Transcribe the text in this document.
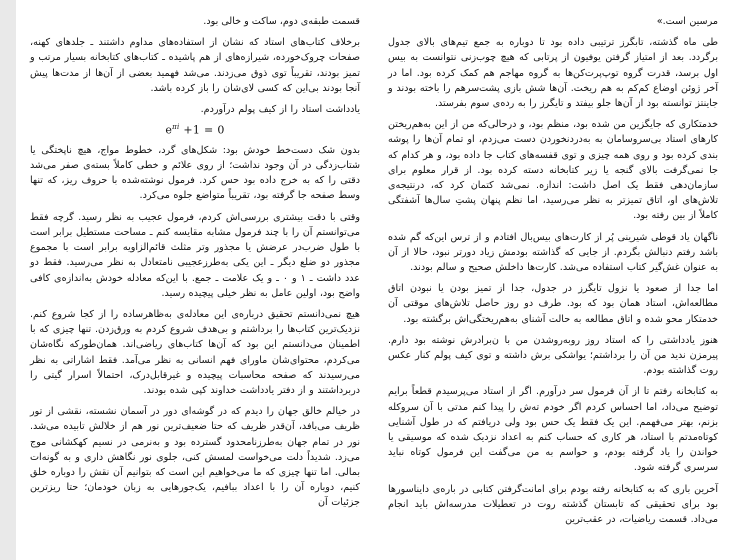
مرسین است.»

طی ماه گذشته، تابگرز ترتیبی داده بود تا دوباره به جمع تیم‌های بالای جدول برگردد. بعد از امتیاز گرفتن یوفیون از پرتابی که هیچ چوب‌زنی نتوانست به بیس اول برسد، قدرت گروه توپ‌پرت‌کن‌ها به گروه مهاجم هم کمک کرده بود. اما در آخر ژوئن اوضاع کم‌کم به هم ریخت. آن‌ها شش بازی پشت‌سرهم را باخته بودند و جاینتز توانسته بود از آن‌ها جلو بیفتد و تایگرز را به رده‌ی سوم بفرستد.

خدمتکاری که جایگزین من شده بود، منظم بود، و درحالی‌که من از این به‌هم‌ریختن کارهای استاد بی‌سروسامان به به‌دردنخوردن دست می‌زدم، او تمام آن‌ها را پوشه بندی کرده بود و روی همه چیزی و توی قفسه‌های کتاب جا داده بود، و هر کدام که جا نمی‌گرفت بالای گنجه یا زیر کتابخانه دسته کرده بود. از قرار معلوم برای سازمان‌دهی فقط یک اصل داشت: اندازه. نمی‌شد کتمان کرد که، درنتیجه‌ی تلاش‌های او، اتاق تمیزتر به نظر می‌رسید، اما نظم پنهان پشتِ سال‌ها آشفتگی کاملاً از بین رفته بود.

ناگهان یاد قوطی شیرینی پُر از کارت‌های بیس‌بال افتادم و از ترس این‌که گم شده باشد رفتم دنبالش بگردم. از جایی که گذاشته بودمش زیاد دورتر نبود، حالا از آن به عنوان غش‌گیر کتاب استفاده می‌شد. کارت‌ها داخلش صحیح و سالم بودند.

اما جدا از صعود یا نزول تایگرز در جدول، جدا از تمیز بودن یا نبودن اتاق مطالعه‌اش، استاد همان بود که بود. طرف دو روز حاصل تلاش‌های موقتی آن خدمتکار محو شده و اتاق مطالعه به حالت آشنای به‌هم‌ریختگی‌اش برگشته بود.

هنوز یادداشتی را که استاد روز روبه‌روشدن من با ن‌برادرش نوشته بود دارم. پیرمزن ندید من آن را برداشتم؛ یواشکی برش داشته و توی کیف پولم کنار عکس روت گذاشته بودم.

به کتابخانه رفتم تا از آن فرمول سر درآورم. اگر از استاد می‌پرسیدم قطعاً برایم توضیح می‌داد، اما احساس کردم اگر خودم ته‌ش را پیدا کنم مدتی با آن سروکله بزنم، بهتر می‌فهمم. این یک فقط یک حس بود ولی دریافتم که در طول آشنایی کوتاه‌مدتم با استاد، هر کاری که حساب کنم به اعداد نزدیک شده که موسیقی یا خواندن را یاد گرفته بودم، و حواسم به من می‌گفت این فرمول کوتاه نباید سرسری گرفته شود.

آخرین باری که به کتابخانه رفته بودم برای امانت‌گرفتن کتابی در باره‌ی دایناسورها بود برای تحقیقی که تابستان گذشته روت در تعطیلات مدرسه‌اش باید انجام می‌داد. قسمت ریاضیات، در عقب‌ترین

قسمت طبقه‌ی دوم، ساکت و خالی بود.

برخلاف کتاب‌های استاد که نشان از استفاده‌های مداوم داشتند ـ جلدهای کهنه، صفحات چروک‌خورده، شیرازه‌های از هم پاشیده ـ کتاب‌های کتابخانه بسیار مرتب و تمیز بودند، تقریباً توی ذوق می‌زدند. می‌شد فهمید بعضی از آن‌ها از مدت‌ها پیش آنجا بودند بی‌این که کسی لای‌شان را باز کرده باشد.

یادداشت استاد را از کیف پولم درآوردم.

$e^{\pi i} +1 = 0$

بدون شک دست‌خط خودش بود: شکل‌های گرد، خطوط مواج، هیچ ناپختگی یا شتاب‌زدگی در آن وجود نداشت؛ از روی علائم و خطی کاملاً بسته‌ی صفر می‌شد دقتی را که به خرج داده بود حس کرد. فرمول نوشته‌شده با حروف ریز، که تنها وسط صفحه جا گرفته بود، تقریباً متواضع جلوه می‌کرد.

وقتی با دقت بیشتری بررسی‌اش کردم، فرمول عجیب به نظر رسید. گرچه فقط می‌توانستم آن را با چند فرمول مشابه مقایسه کنم ـ مساحت مستطیل برابر است با طول ضرب‌در عرضش یا مجذور وتر مثلث قائم‌الزاویه برابر است با مجموع مجذور دو ضلع دیگر ـ این یکی به‌طرزعجیبی نامتعادل به نظر می‌رسید. فقط دو عدد داشت ـ ۱ و ۰ ـ و یک علامت ـ جمع. با این‌که معادله خودش به‌اندازه‌ی کافی واضح بود، اولین عامل به نظر خیلی پیچیده رسید.

هیچ نمی‌دانستم تحقیق درباره‌ی این معادله‌ی به‌ظاهرساده را از کجا شروع کنم. نزدیک‌ترین کتاب‌ها را برداشتم و بی‌هدف شروع کردم به ورق‌زدن. تنها چیزی که با اطمینان می‌دانستم این بود که آن‌ها کتاب‌های ریاضی‌اند. همان‌طورکه نگاه‌شان می‌کردم، محتوای‌شان ماورای فهم انسانی به نظر می‌آمد. فقط اشاراتی به نظر می‌رسیدند که صفحه محاسبات پیچیده و غیرقابل‌درک، احتمالاً اسرار گیتی را دربرداشتند و از دفتر یادداشت خداوند کپی شده بودند.

در خیالم خالق جهان را دیدم که در گوشه‌ای دور در آسمان نشسته، نقشی از تور ظریف می‌بافد، آن‌قدر ظریف که حتا ضعیف‌ترین نور هم از خلالش تابیده می‌شد. نور در تمام جهان به‌طرزنامحدود گسترده بود و به‌نرمی در نسیم کهکشانی موج می‌زد. شدیداً دلت می‌خواست لمسش کنی، جلوی نور نگاهش داری و به گونه‌ات بمالی. اما تنها چیزی که ما می‌خواهیم این است که بتوانیم آن نقش را دوباره خلق کنیم، دوباره آن را با اعداد ببافیم، یک‌جورهایی به زبان خودمان؛ حتا ریزترین جزئیات آن
